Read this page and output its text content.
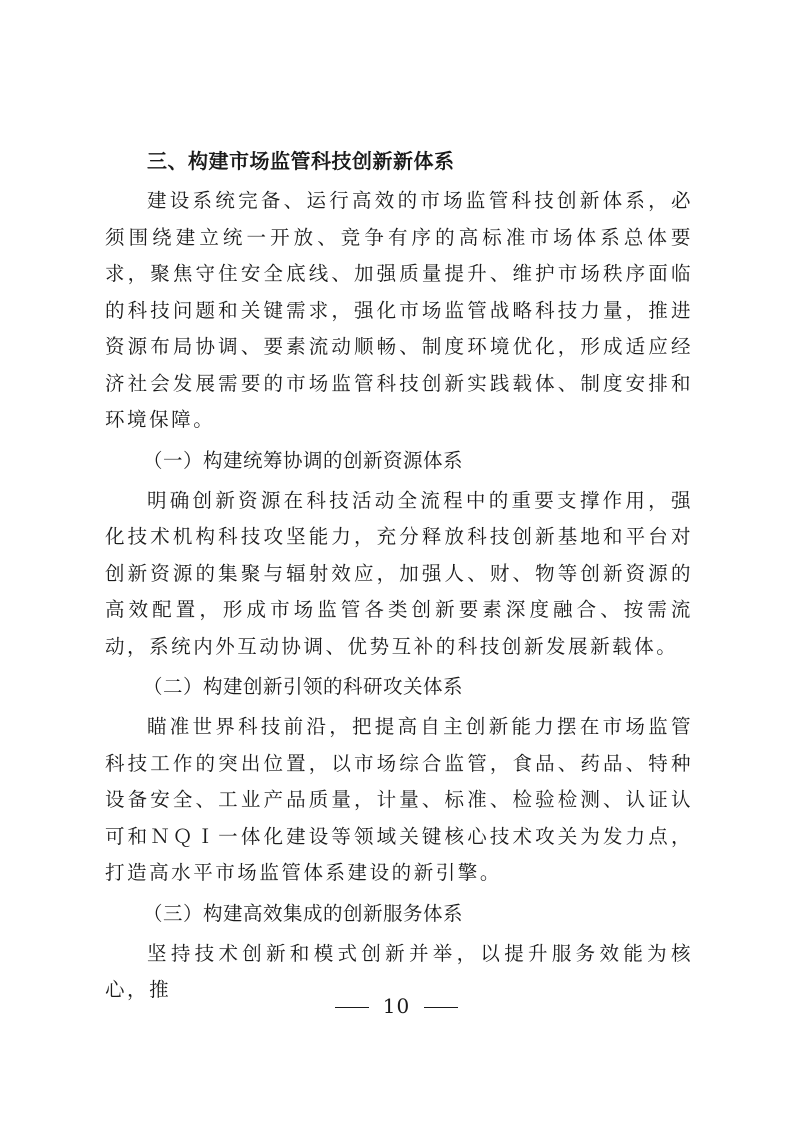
三、构建市场监管科技创新新体系

建设系统完备、运行高效的市场监管科技创新体系，必须围绕建立统一开放、竞争有序的高标准市场体系总体要求，聚焦守住安全底线、加强质量提升、维护市场秩序面临的科技问题和关键需求，强化市场监管战略科技力量，推进资源布局协调、要素流动顺畅、制度环境优化，形成适应经济社会发展需要的市场监管科技创新实践载体、制度安排和环境保障。

（一）构建统筹协调的创新资源体系

明确创新资源在科技活动全流程中的重要支撑作用，强化技术机构科技攻坚能力，充分释放科技创新基地和平台对创新资源的集聚与辐射效应，加强人、财、物等创新资源的高效配置，形成市场监管各类创新要素深度融合、按需流动，系统内外互动协调、优势互补的科技创新发展新载体。

（二）构建创新引领的科研攻关体系

瞄准世界科技前沿，把提高自主创新能力摆在市场监管科技工作的突出位置，以市场综合监管，食品、药品、特种设备安全、工业产品质量，计量、标准、检验检测、认证认可和ＮＱＩ一体化建设等领域关键核心技术攻关为发力点，打造高水平市场监管体系建设的新引擎。

（三）构建高效集成的创新服务体系

坚持技术创新和模式创新并举，以提升服务效能为核心，推

10
